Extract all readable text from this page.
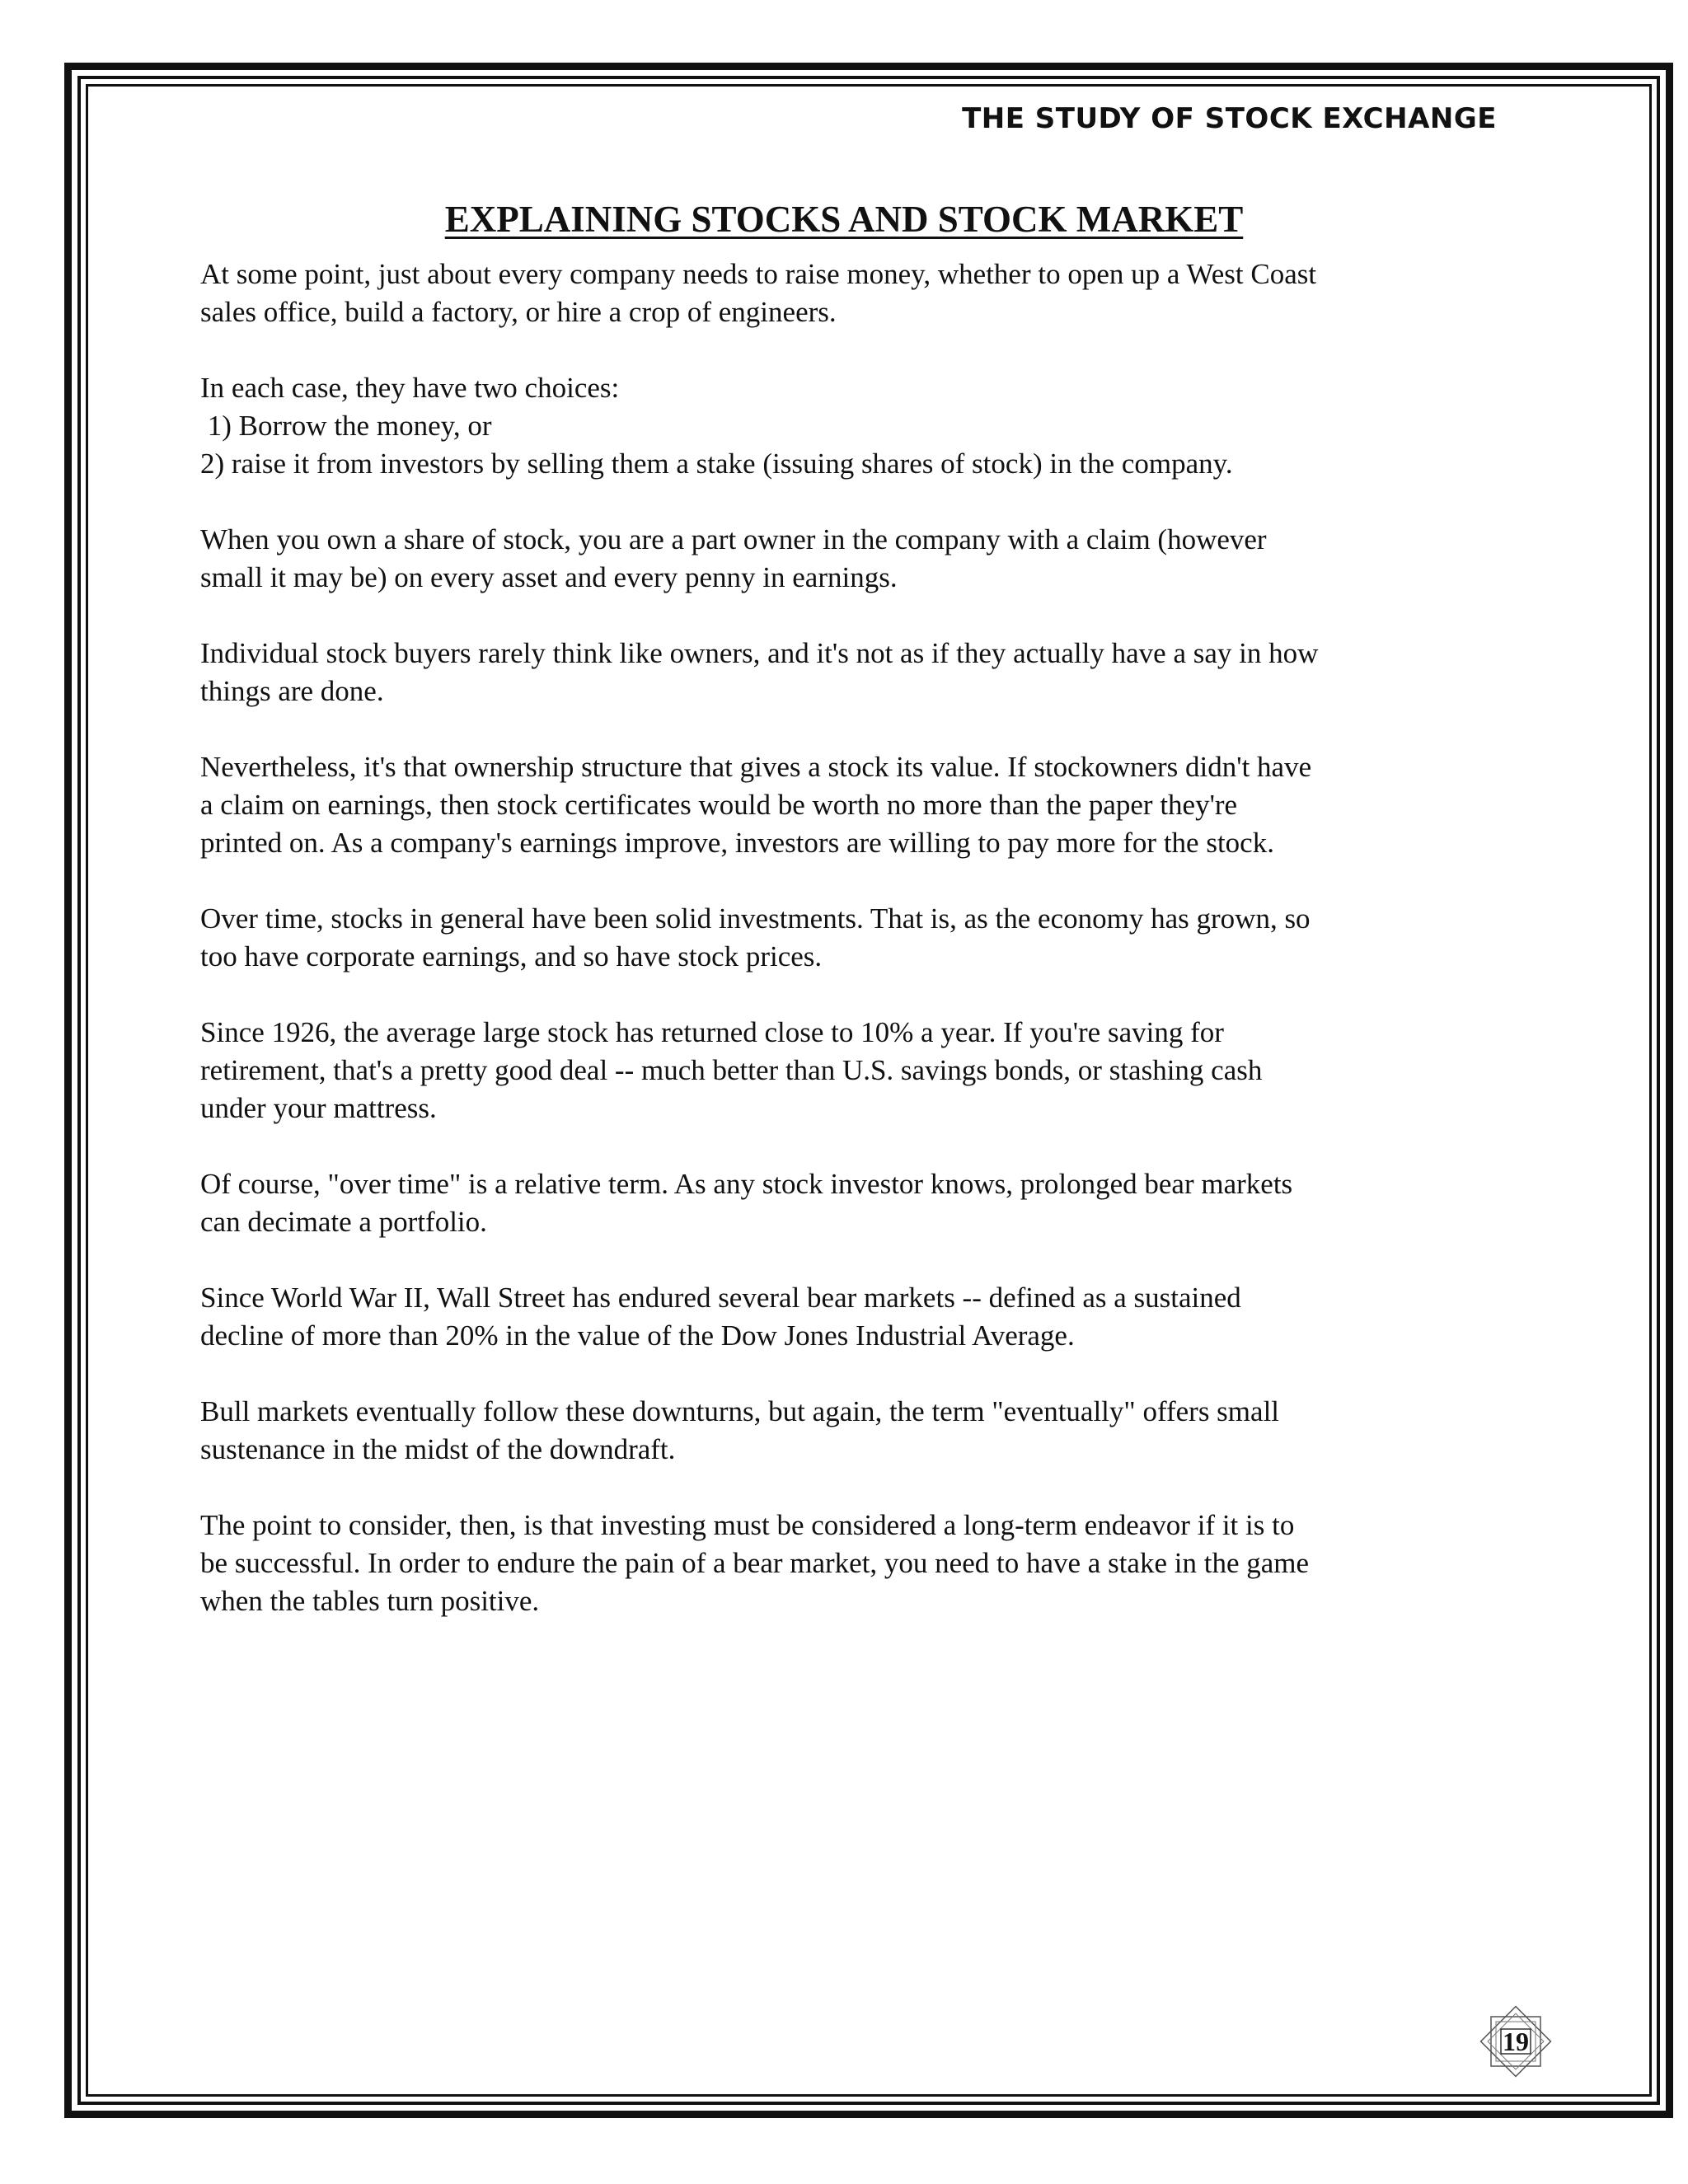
THE STUDY OF STOCK EXCHANGE
EXPLAINING STOCKS AND STOCK MARKET

At some point, just about every company needs to raise money, whether to open up a West Coast
sales office, build a factory, or hire a crop of engineers.

In each case, they have two choices:
1) Borrow the money, or
2) raise it from investors by selling them a stake (issuing shares of stock) in the company.

When you own a share of stock, you are a part owner in the company with a claim (however
small it may be) on every asset and every penny in earnings.

Individual stock buyers rarely think like owners, and it's not as if they actually have a say in how
things are done.

Nevertheless, it's that ownership structure that gives a stock its value. If stockowners didn't have
a claim on earnings, then stock certificates would be worth no more than the paper they're
printed on. As a company's earnings improve, investors are willing to pay more for the stock.

Over time, stocks in general have been solid investments. That is, as the economy has grown, so
too have corporate earnings, and so have stock prices.

Since 1926, the average large stock has returned close to 10% a year. If you're saving for
retirement, that's a pretty good deal -- much better than U.S. savings bonds, or stashing cash
under your mattress.

Of course, "over time" is a relative term. As any stock investor knows, prolonged bear markets
can decimate a portfolio.

Since World War II, Wall Street has endured several bear markets -- defined as a sustained
decline of more than 20% in the value of the Dow Jones Industrial Average.

Bull markets eventually follow these downturns, but again, the term "eventually" offers small
sustenance in the midst of the downdraft.

The point to consider, then, is that investing must be considered a long-term endeavor if it is to
be successful. In order to endure the pain of a bear market, you need to have a stake in the game
when the tables turn positive.

19
